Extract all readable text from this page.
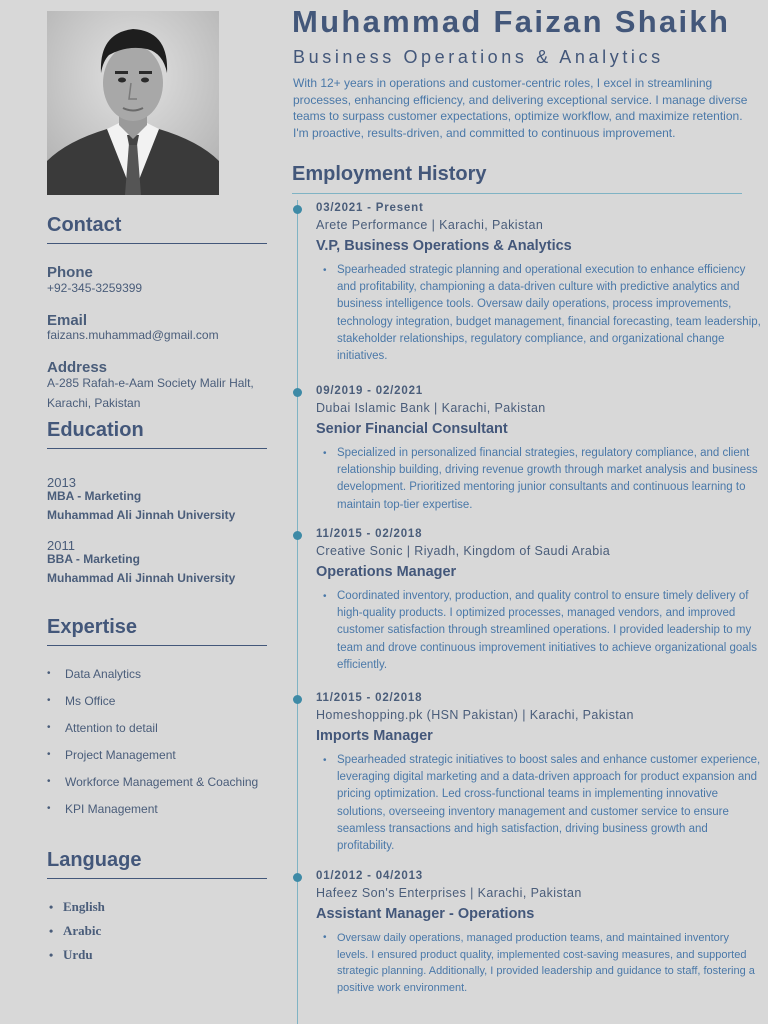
Contact
Phone
+92-345-3259399
Email
faizans.muhammad@gmail.com
Address
A-285 Rafah-e-Aam Society Malir Halt, Karachi, Pakistan
Education
2013
MBA - Marketing
Muhammad Ali Jinnah University
2011
BBA - Marketing
Muhammad Ali Jinnah University
Expertise
• Data Analytics
• Ms Office
• Attention to detail
• Project Management
• Workforce Management & Coaching
• KPI Management
Language
• English
• Arabic
• Urdu
Muhammad Faizan Shaikh
Business Operations & Analytics
With 12+ years in operations and customer-centric roles, I excel in streamlining processes, enhancing efficiency, and delivering exceptional service. I manage diverse teams to surpass customer expectations, optimize workflow, and maximize retention. I'm proactive, results-driven, and committed to continuous improvement.
Employment History
03/2021 - Present
Arete Performance | Karachi, Pakistan
V.P, Business Operations & Analytics
• Spearheaded strategic planning and operational execution to enhance efficiency and profitability, championing a data-driven culture with predictive analytics and business intelligence tools. Oversaw daily operations, process improvements, technology integration, budget management, financial forecasting, team leadership, stakeholder relationships, regulatory compliance, and organizational change initiatives.
09/2019 - 02/2021
Dubai Islamic Bank | Karachi, Pakistan
Senior Financial Consultant
• Specialized in personalized financial strategies, regulatory compliance, and client relationship building, driving revenue growth through market analysis and business development. Prioritized mentoring junior consultants and continuous learning to maintain top-tier expertise.
11/2015 - 02/2018
Creative Sonic | Riyadh, Kingdom of Saudi Arabia
Operations Manager
• Coordinated inventory, production, and quality control to ensure timely delivery of high-quality products. I optimized processes, managed vendors, and improved customer satisfaction through streamlined operations. I provided leadership to my team and drove continuous improvement initiatives to achieve organizational goals efficiently.
11/2015 - 02/2018
Homeshopping.pk (HSN Pakistan) | Karachi, Pakistan
Imports Manager
• Spearheaded strategic initiatives to boost sales and enhance customer experience, leveraging digital marketing and a data-driven approach for product expansion and pricing optimization. Led cross-functional teams in implementing innovative solutions, overseeing inventory management and customer service to ensure seamless transactions and high satisfaction, driving business growth and profitability.
01/2012 - 04/2013
Hafeez Son's Enterprises | Karachi, Pakistan
Assistant Manager - Operations
• Oversaw daily operations, managed production teams, and maintained inventory levels. I ensured product quality, implemented cost-saving measures, and supported strategic planning. Additionally, I provided leadership and guidance to staff, fostering a positive work environment.
